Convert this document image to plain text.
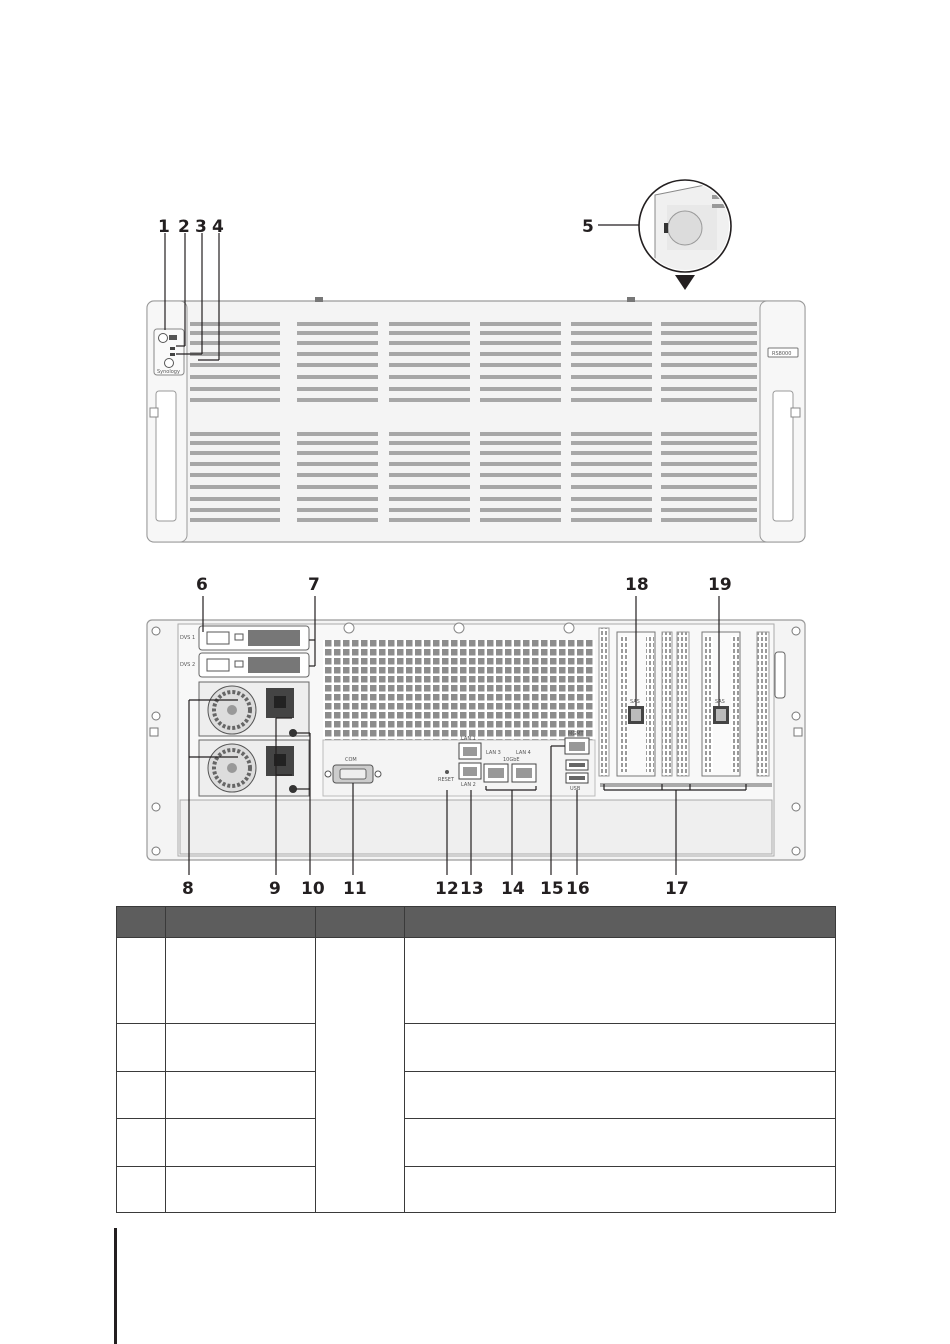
RS8000
Synology
1 2 3 4	5
DVS 1
DVS 2
COM
RESET
LAN 1
LAN 2
LAN 3	LAN 4
10GbE
MGMT
USB
SAS	SAS
6	7	18	19
8	9 10 11	12 13 14 15 16	17
